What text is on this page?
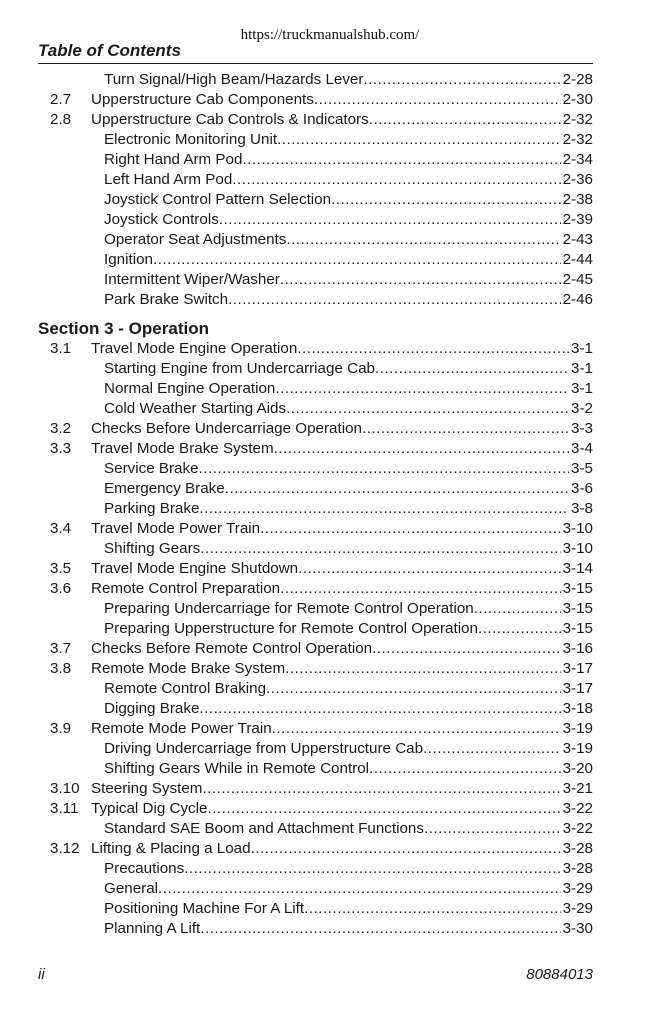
https://truckmanualshub.com/
Table of Contents
Turn Signal/High Beam/Hazards Lever .....	2-28
2.7 Upperstructure Cab Components .....	2-30
2.8 Upperstructure Cab Controls & Indicators .....	2-32
Electronic Monitoring Unit .....	2-32
Right Hand Arm Pod .....	2-34
Left Hand Arm Pod .....	2-36
Joystick Control Pattern Selection .....	2-38
Joystick Controls .....	2-39
Operator Seat Adjustments .....	2-43
Ignition .....	2-44
Intermittent Wiper/Washer .....	2-45
Park Brake Switch .....	2-46
Section 3 - Operation
3.1 Travel Mode Engine Operation .....	3-1
Starting Engine from Undercarriage Cab .....	3-1
Normal Engine Operation .....	3-1
Cold Weather Starting Aids .....	3-2
3.2 Checks Before Undercarriage Operation .....	3-3
3.3 Travel Mode Brake System .....	3-4
Service Brake .....	3-5
Emergency Brake .....	3-6
Parking Brake .....	3-8
3.4 Travel Mode Power Train .....	3-10
Shifting Gears .....	3-10
3.5 Travel Mode Engine Shutdown .....	3-14
3.6 Remote Control Preparation .....	3-15
Preparing Undercarriage for Remote Control Operation .....	3-15
Preparing Upperstructure for Remote Control Operation .....	3-15
3.7 Checks Before Remote Control Operation .....	3-16
3.8 Remote Mode Brake System .....	3-17
Remote Control Braking .....	3-17
Digging Brake .....	3-18
3.9 Remote Mode Power Train .....	3-19
Driving Undercarriage from Upperstructure Cab .....	3-19
Shifting Gears While in Remote Control .....	3-20
3.10 Steering System .....	3-21
3.11 Typical Dig Cycle .....	3-22
Standard SAE Boom and Attachment Functions .....	3-22
3.12 Lifting & Placing a Load .....	3-28
Precautions .....	3-28
General .....	3-29
Positioning Machine For A Lift .....	3-29
Planning A Lift .....	3-30
ii	80884013
